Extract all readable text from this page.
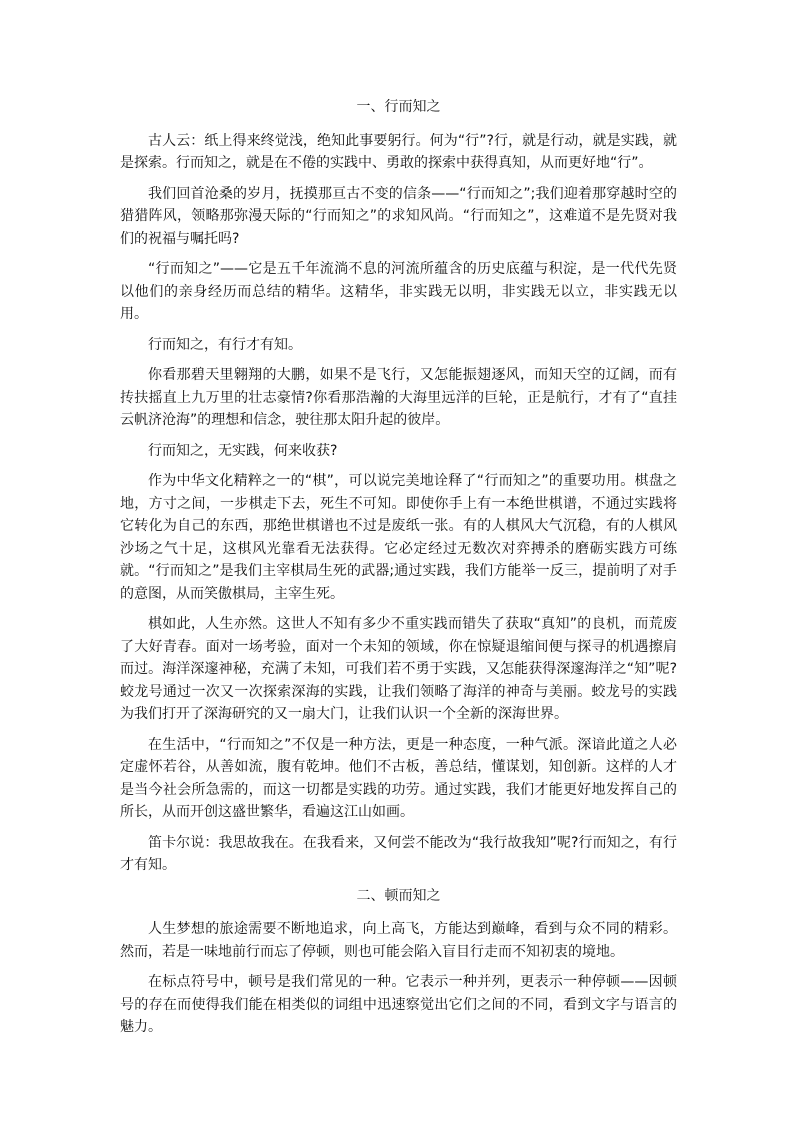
一、行而知之

古人云：纸上得来终觉浅，绝知此事要躬行。何为“行”?行，就是行动，就是实践，就是探索。行而知之，就是在不倦的实践中、勇敢的探索中获得真知，从而更好地“行”。

我们回首沧桑的岁月，抚摸那亘古不变的信条——“行而知之”;我们迎着那穿越时空的猎猎阵风，领略那弥漫天际的“行而知之”的求知风尚。“行而知之”，这难道不是先贤对我们的祝福与嘱托吗?

“行而知之”——它是五千年流淌不息的河流所蕴含的历史底蕴与积淀，是一代代先贤以他们的亲身经历而总结的精华。这精华，非实践无以明，非实践无以立，非实践无以用。

行而知之，有行才有知。

你看那碧天里翱翔的大鹏，如果不是飞行，又怎能振翅逐风，而知天空的辽阔，而有抟扶摇直上九万里的壮志豪情?你看那浩瀚的大海里远洋的巨轮，正是航行，才有了“直挂云帆济沧海”的理想和信念，驶往那太阳升起的彼岸。

行而知之，无实践，何来收获?

作为中华文化精粹之一的“棋”，可以说完美地诠释了“行而知之”的重要功用。棋盘之地，方寸之间，一步棋走下去，死生不可知。即使你手上有一本绝世棋谱，不通过实践将它转化为自己的东西，那绝世棋谱也不过是废纸一张。有的人棋风大气沉稳，有的人棋风沙场之气十足，这棋风光靠看无法获得。它必定经过无数次对弈搏杀的磨砺实践方可练就。“行而知之”是我们主宰棋局生死的武器;通过实践，我们方能举一反三，提前明了对手的意图，从而笑傲棋局，主宰生死。

棋如此，人生亦然。这世人不知有多少不重实践而错失了获取“真知”的良机，而荒废了大好青春。面对一场考验，面对一个未知的领域，你在惊疑退缩间便与探寻的机遇擦肩而过。海洋深邃神秘，充满了未知，可我们若不勇于实践，又怎能获得深邃海洋之“知”呢?蛟龙号通过一次又一次探索深海的实践，让我们领略了海洋的神奇与美丽。蛟龙号的实践为我们打开了深海研究的又一扇大门，让我们认识一个全新的深海世界。

在生活中，“行而知之”不仅是一种方法，更是一种态度，一种气派。深谙此道之人必定虚怀若谷，从善如流，腹有乾坤。他们不古板，善总结，懂谋划，知创新。这样的人才是当今社会所急需的，而这一切都是实践的功劳。通过实践，我们才能更好地发挥自己的所长，从而开创这盛世繁华，看遍这江山如画。

笛卡尔说：我思故我在。在我看来，又何尝不能改为“我行故我知”呢?行而知之，有行才有知。

二、顿而知之

人生梦想的旅途需要不断地追求，向上高飞，方能达到巅峰，看到与众不同的精彩。然而，若是一味地前行而忘了停顿，则也可能会陷入盲目行走而不知初衷的境地。

在标点符号中，顿号是我们常见的一种。它表示一种并列，更表示一种停顿——因顿号的存在而使得我们能在相类似的词组中迅速察觉出它们之间的不同，看到文字与语言的魅力。
